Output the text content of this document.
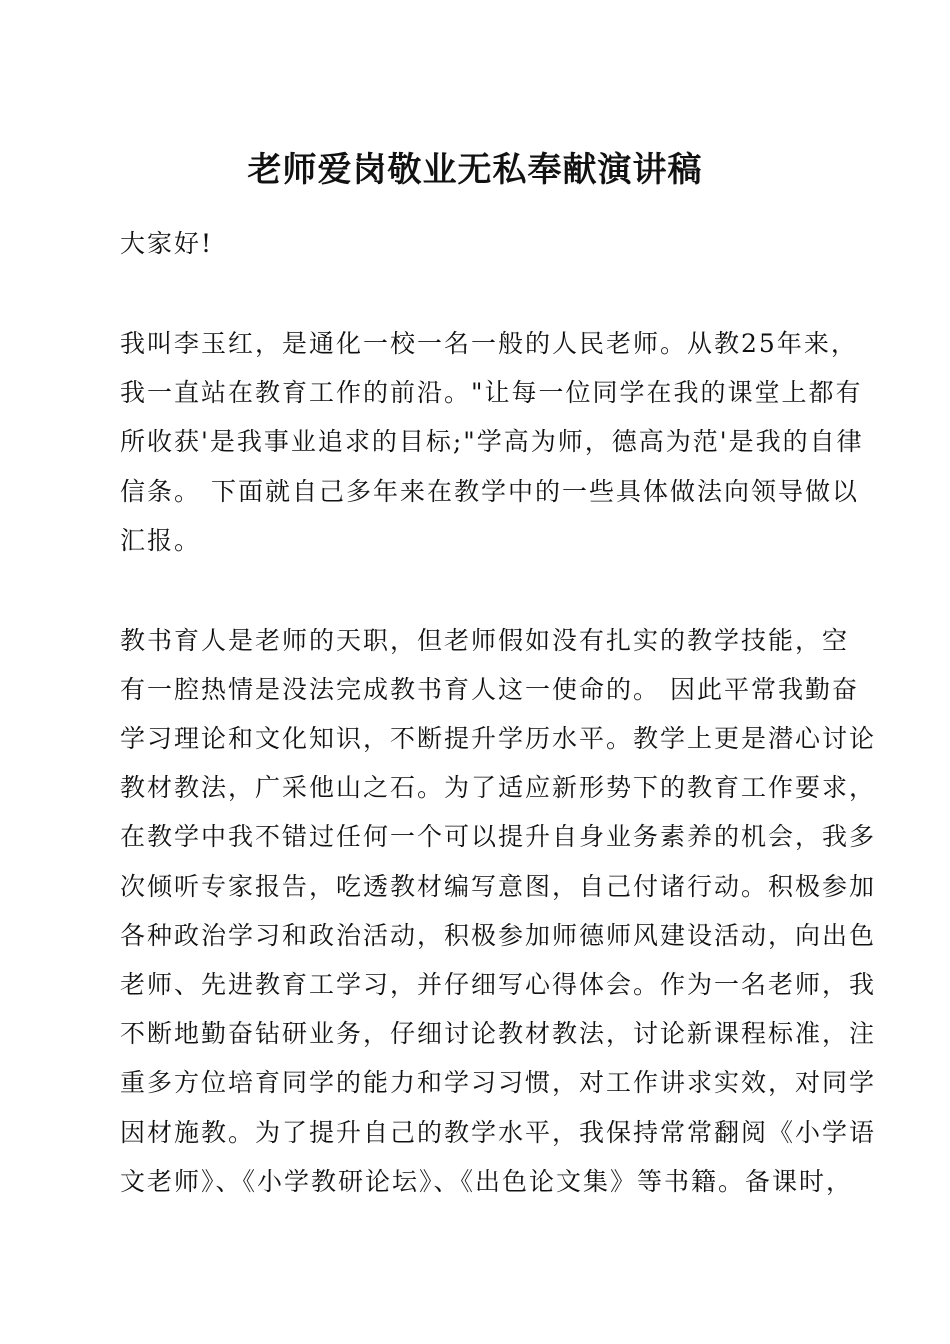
老师爱岗敬业无私奉献演讲稿
大家好!
我叫李玉红，是通化一校一名一般的人民老师。从教25年来，
我一直站在教育工作的前沿。"让每一位同学在我的课堂上都有
所收获'是我事业追求的目标;"学高为师，德高为范'是我的自律
信条。 下面就自己多年来在教学中的一些具体做法向领导做以
汇报。
教书育人是老师的天职，但老师假如没有扎实的教学技能，空
有一腔热情是没法完成教书育人这一使命的。 因此平常我勤奋
学习理论和文化知识，不断提升学历水平。教学上更是潜心讨论
教材教法，广采他山之石。为了适应新形势下的教育工作要求，
在教学中我不错过任何一个可以提升自身业务素养的机会，我多
次倾听专家报告，吃透教材编写意图，自己付诸行动。积极参加
各种政治学习和政治活动，积极参加师德师风建设活动，向出色
老师、先进教育工学习，并仔细写心得体会。作为一名老师，我
不断地勤奋钻研业务，仔细讨论教材教法，讨论新课程标准，注
重多方位培育同学的能力和学习习惯，对工作讲求实效，对同学
因材施教。为了提升自己的教学水平，我保持常常翻阅《小学语
文老师》、《小学教研论坛》、《出色论文集》等书籍。备课时，
